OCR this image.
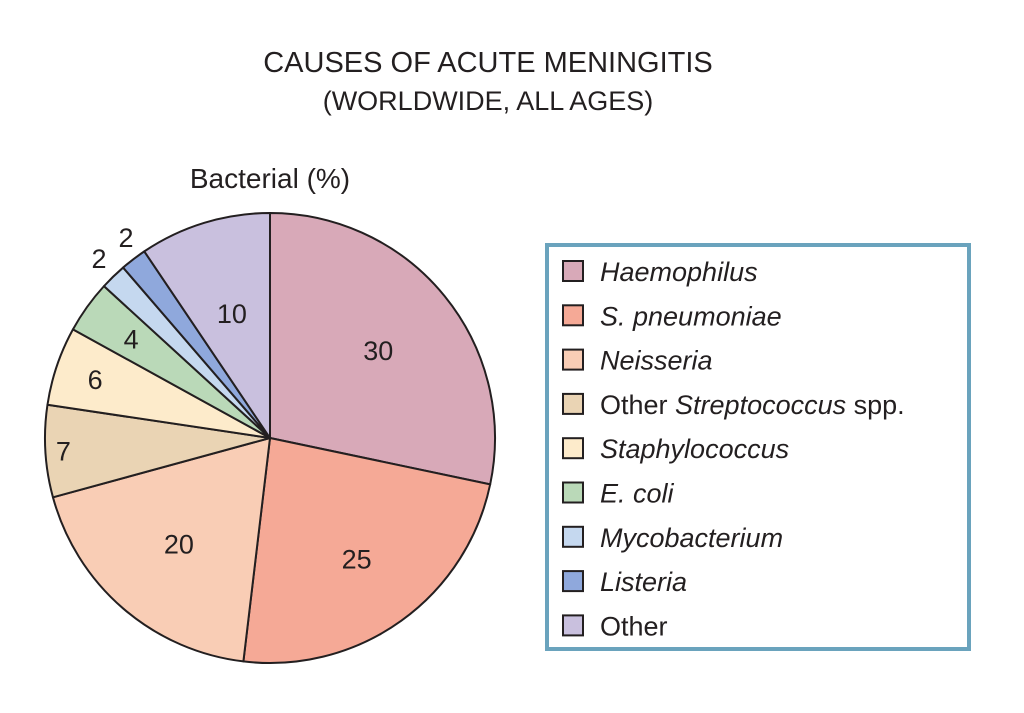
CAUSES OF ACUTE MENINGITIS
(WORLDWIDE, ALL AGES)
Bacterial (%)
30
25
20
7
6
4
2
2
10
Haemophilus
S. pneumoniae
Neisseria
Other Streptococcus spp.
Staphylococcus
E. coli
Mycobacterium
Listeria
Other
